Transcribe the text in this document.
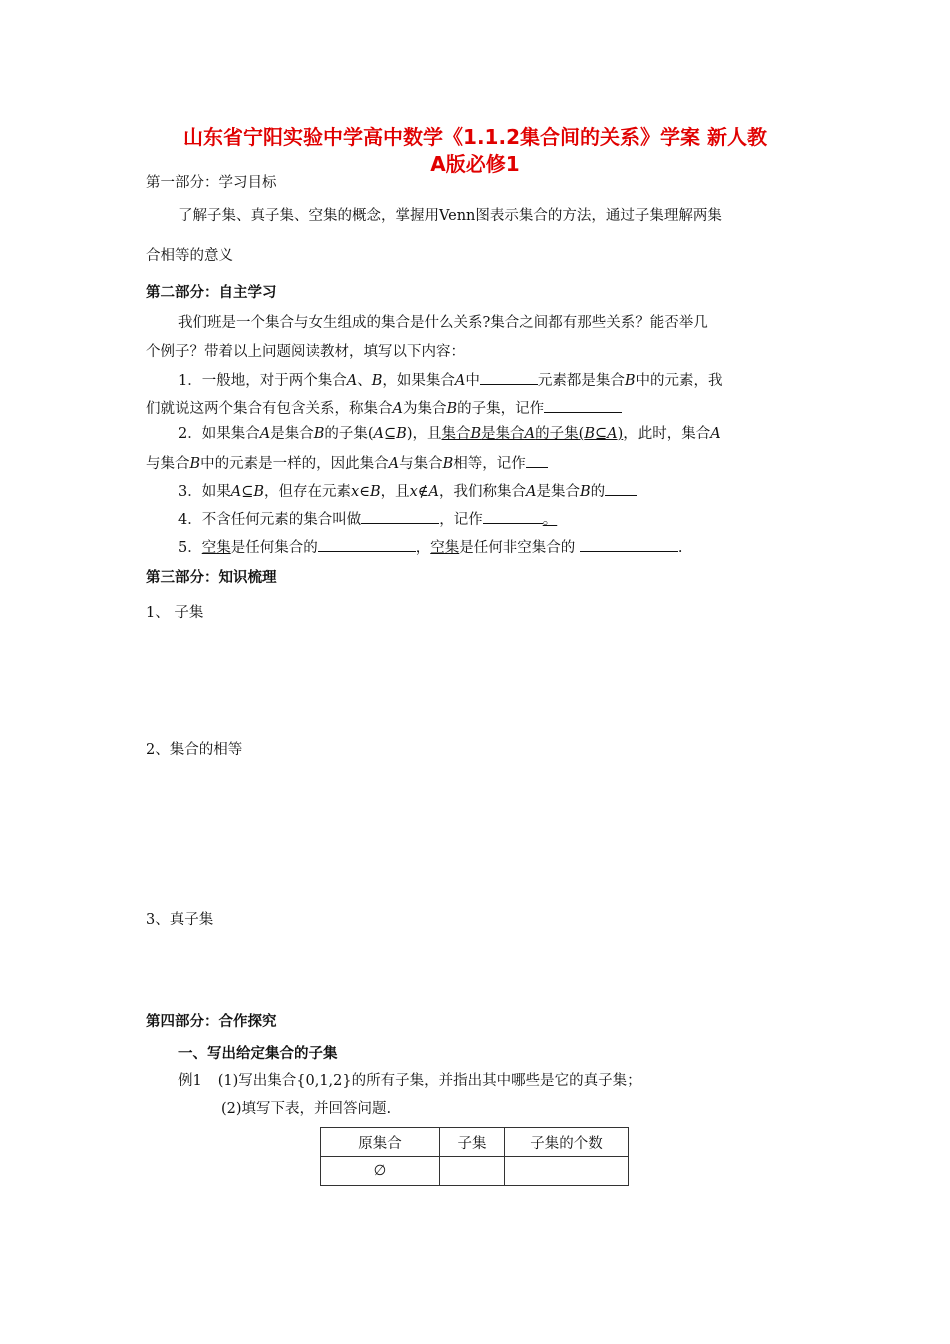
山东省宁阳实验中学高中数学《1.1.2集合间的关系》学案 新人教
A版必修1
第一部分：学习目标
了解子集、真子集、空集的概念，掌握用Venn图表示集合的方法，通过子集理解两集
合相等的意义
第二部分：自主学习
我们班是一个集合与女生组成的集合是什么关系?集合之间都有那些关系？能否举几
个例子？带着以上问题阅读教材，填写以下内容：
1．一般地，对于两个集合A、B，如果集合A中	元素都是集合B中的元素，我
们就说这两个集合有包含关系，称集合A为集合B的子集，记作
2．如果集合A是集合B的子集(A⊆B)，且集合B是集合A的子集(B⊆A)，此时，集合A
与集合B中的元素是一样的，因此集合A与集合B相等，记作
3．如果A⊆B，但存在元素x∈B，且x∉A，我们称集合A是集合B的
4．不含任何元素的集合叫做	，记作	。
5．空集是任何集合的	，空集是任何非空集合的	.
第三部分：知识梳理
1、 子集
2、集合的相等
3、真子集
第四部分：合作探究
一、写出给定集合的子集
例1 (1)写出集合{0,1,2}的所有子集，并指出其中哪些是它的真子集；
(2)填写下表，并回答问题.
原集合	子集	子集的个数
∅		
